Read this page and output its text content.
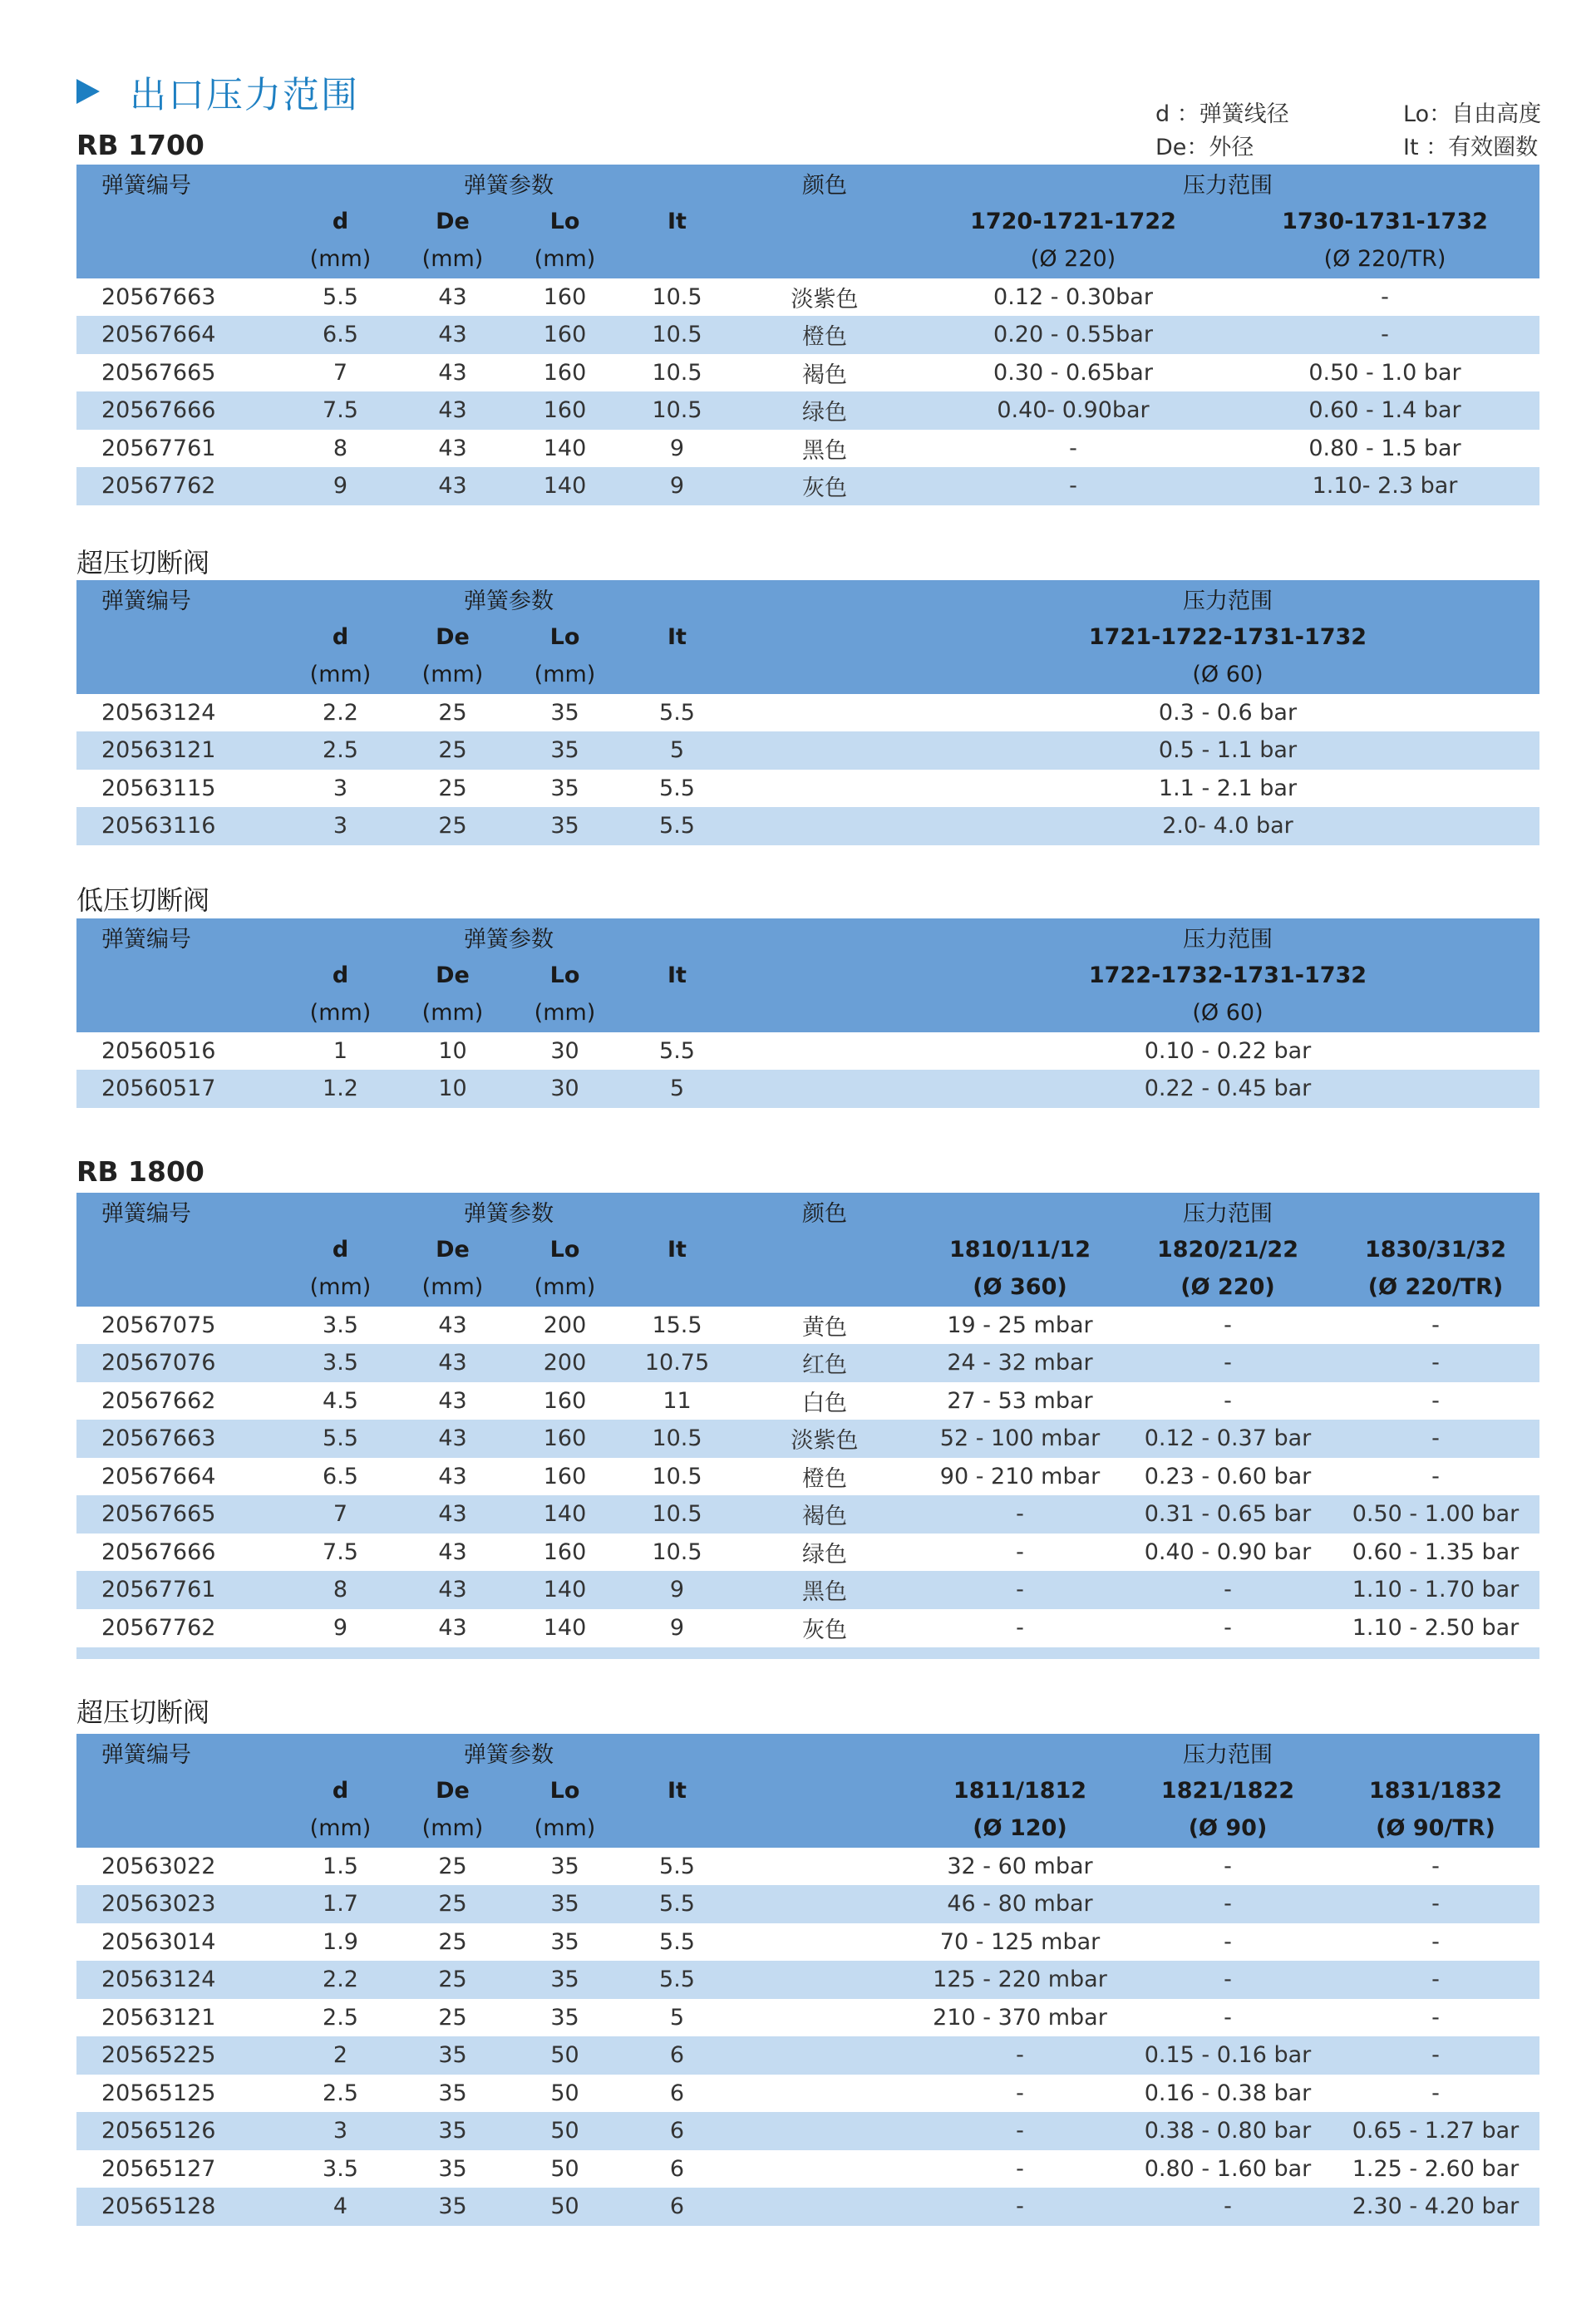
出口压力范围	d ：弹簧线径
De：外径
Lo：自由高度
It ：有效圈数
RB 1700
弹簧编号	弹簧参数				颜色	压力范围	
	d	De	Lo	It		1720-1721-1722	1730-1731-1732
	(mm)	(mm)	(mm)			(Ø 220)	(Ø 220/TR)
20567663	5.5	43	160	10.5	淡紫色	0.12 - 0.30bar	-
20567664	6.5	43	160	10.5	橙色	0.20 - 0.55bar	-
20567665	7	43	160	10.5	褐色	0.30 - 0.65bar	0.50 - 1.0 bar
20567666	7.5	43	160	10.5	绿色	0.40- 0.90bar	0.60 - 1.4 bar
20567761	8	43	140	9	黑色	-	0.80 - 1.5 bar
20567762	9	43	140	9	灰色	-	1.10- 2.3 bar
超压切断阀
弹簧编号	弹簧参数					压力范围
	d	De	Lo	It		1721-1722-1731-1732
	(mm)	(mm)	(mm)			(Ø 60)
20563124	2.2	25	35	5.5		0.3 - 0.6 bar
20563121	2.5	25	35	5		0.5 - 1.1 bar
20563115	3	25	35	5.5		1.1 - 2.1 bar
20563116	3	25	35	5.5		2.0- 4.0 bar
低压切断阀
弹簧编号	弹簧参数					压力范围
	d	De	Lo	It		1722-1732-1731-1732
	(mm)	(mm)	(mm)			(Ø 60)
20560516	1	10	30	5.5		0.10 - 0.22 bar
20560517	1.2	10	30	5		0.22 - 0.45 bar
RB 1800
弹簧编号	弹簧参数				颜色	压力范围		
	d	De	Lo	It		1810/11/12	1820/21/22	1830/31/32
	(mm)	(mm)	(mm)			(Ø 360)	(Ø 220)	(Ø 220/TR)
20567075	3.5	43	200	15.5	黄色	19 - 25 mbar	-	-
20567076	3.5	43	200	10.75	红色	24 - 32 mbar	-	-
20567662	4.5	43	160	11	白色	27 - 53 mbar	-	-
20567663	5.5	43	160	10.5	淡紫色	52 - 100 mbar	0.12 - 0.37 bar	-
20567664	6.5	43	160	10.5	橙色	90 - 210 mbar	0.23 - 0.60 bar	-
20567665	7	43	140	10.5	褐色	-	0.31 - 0.65 bar	0.50 - 1.00 bar
20567666	7.5	43	160	10.5	绿色	-	0.40 - 0.90 bar	0.60 - 1.35 bar
20567761	8	43	140	9	黑色	-	-	1.10 - 1.70 bar
20567762	9	43	140	9	灰色	-	-	1.10 - 2.50 bar
超压切断阀
弹簧编号	弹簧参数					压力范围		
	d	De	Lo	It		1811/1812	1821/1822	1831/1832
	(mm)	(mm)	(mm)			(Ø 120)	(Ø 90)	(Ø 90/TR)
20563022	1.5	25	35	5.5		32 - 60 mbar	-	-
20563023	1.7	25	35	5.5		46 - 80 mbar	-	-
20563014	1.9	25	35	5.5		70 - 125 mbar	-	-
20563124	2.2	25	35	5.5		125 - 220 mbar	-	-
20563121	2.5	25	35	5		210 - 370 mbar	-	-
20565225	2	35	50	6		-	0.15 - 0.16 bar	-
20565125	2.5	35	50	6		-	0.16 - 0.38 bar	-
20565126	3	35	50	6		-	0.38 - 0.80 bar	0.65 - 1.27 bar
20565127	3.5	35	50	6		-	0.80 - 1.60 bar	1.25 - 2.60 bar
20565128	4	35	50	6		-	-	2.30 - 4.20 bar
